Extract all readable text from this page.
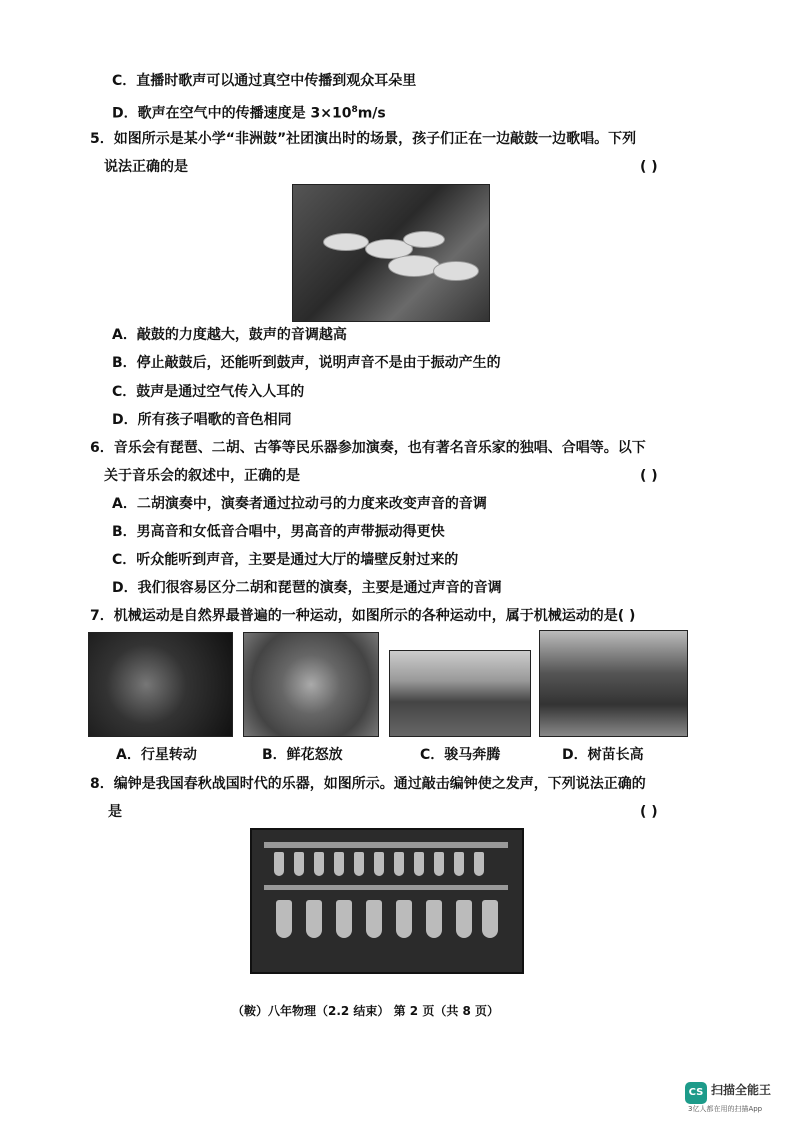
C．直播时歌声可以通过真空中传播到观众耳朵里
D．歌声在空气中的传播速度是 $3\times 10^8m/s$
5．如图所示是某小学“非洲鼓”社团演出时的场景，孩子们正在一边敲鼓一边歌唱。下列
说法正确的是	( )
A．敲鼓的力度越大，鼓声的音调越高
B．停止敲鼓后，还能听到鼓声，说明声音不是由于振动产生的
C．鼓声是通过空气传入人耳的
D．所有孩子唱歌的音色相同
6．音乐会有琵琶、二胡、古筝等民乐器参加演奏，也有著名音乐家的独唱、合唱等。以下
关于音乐会的叙述中，正确的是	( )
A．二胡演奏中，演奏者通过拉动弓的力度来改变声音的音调
B．男高音和女低音合唱中，男高音的声带振动得更快
C．听众能听到声音，主要是通过大厅的墙壁反射过来的
D．我们很容易区分二胡和琵琶的演奏，主要是通过声音的音调
7．机械运动是自然界最普遍的一种运动，如图所示的各种运动中，属于机械运动的是( )
A．行星转动	B．鲜花怒放	C．骏马奔腾	D．树苗长高
8．编钟是我国春秋战国时代的乐器，如图所示。通过敲击编钟使之发声，下列说法正确的
是	( )
（鞍）八年物理（2.2 结束） 第 2 页（共 8 页）
CS 扫描全能王
3亿人都在用的扫描App
